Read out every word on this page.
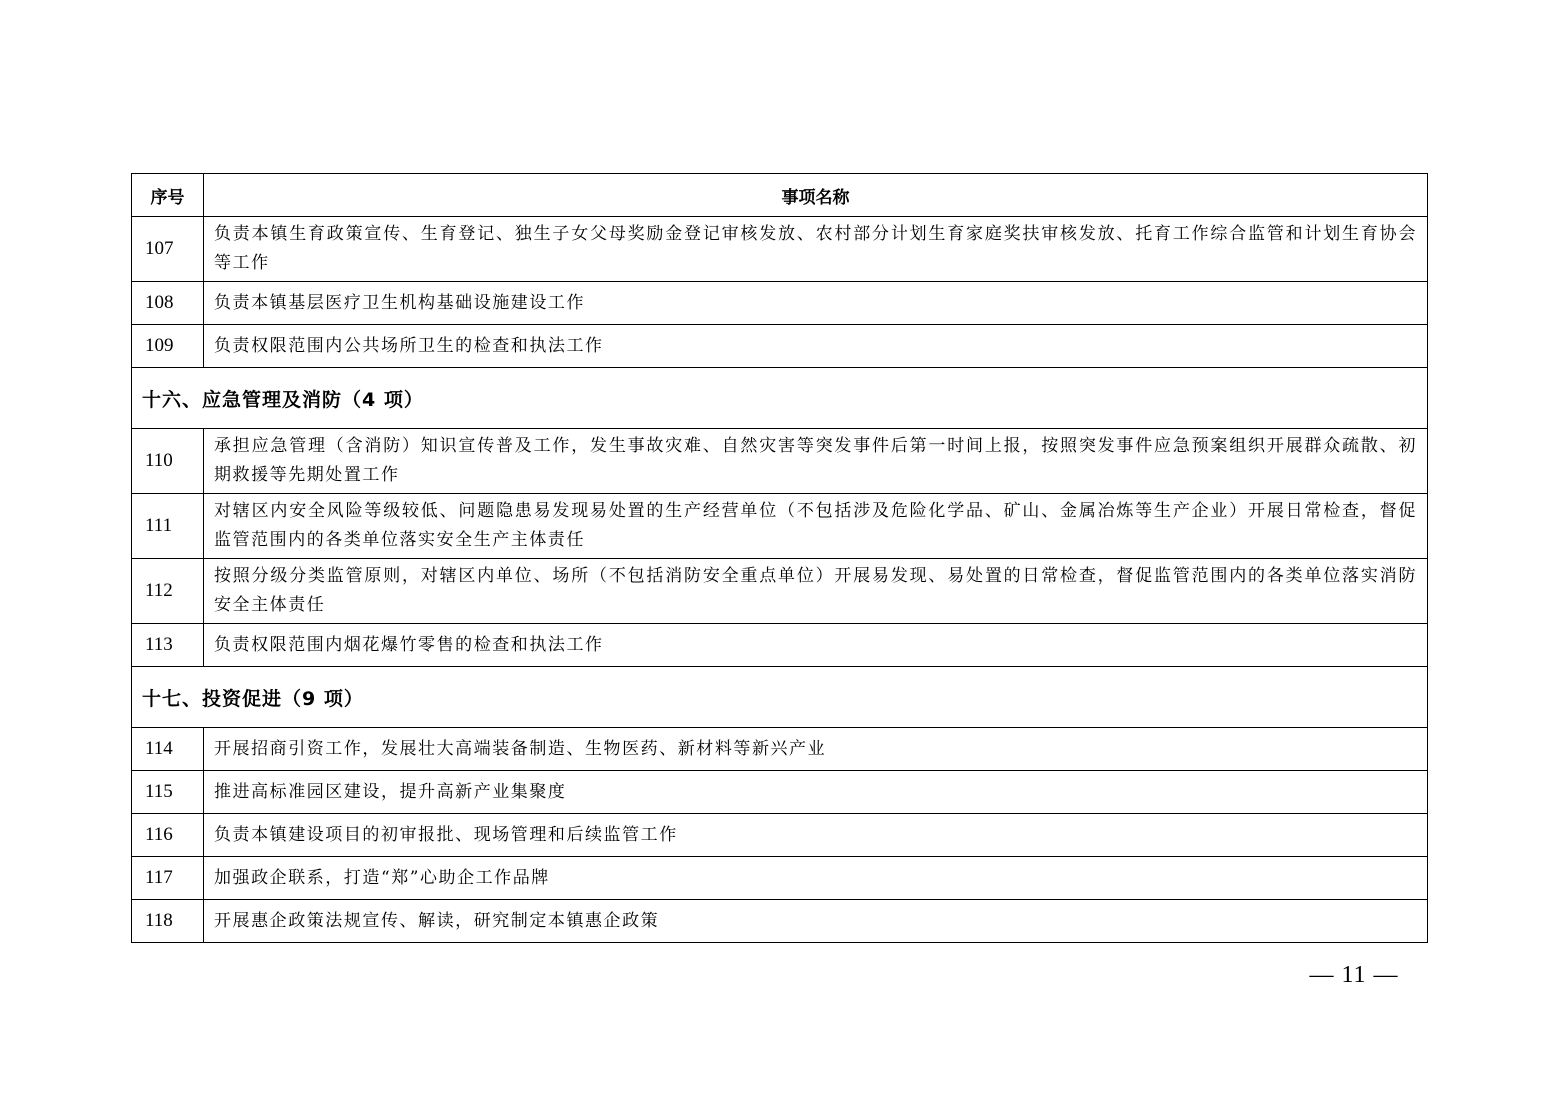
序号	事项名称
107	负责本镇生育政策宣传、生育登记、独生子女父母奖励金登记审核发放、农村部分计划生育家庭奖扶审核发放、托育工作综合监管和计划生育协会等工作
108	负责本镇基层医疗卫生机构基础设施建设工作
109	负责权限范围内公共场所卫生的检查和执法工作
十六、应急管理及消防（4 项）	
110	承担应急管理（含消防）知识宣传普及工作，发生事故灾难、自然灾害等突发事件后第一时间上报，按照突发事件应急预案组织开展群众疏散、初期救援等先期处置工作
111	对辖区内安全风险等级较低、问题隐患易发现易处置的生产经营单位（不包括涉及危险化学品、矿山、金属冶炼等生产企业）开展日常检查，督促监管范围内的各类单位落实安全生产主体责任
112	按照分级分类监管原则，对辖区内单位、场所（不包括消防安全重点单位）开展易发现、易处置的日常检查，督促监管范围内的各类单位落实消防安全主体责任
113	负责权限范围内烟花爆竹零售的检查和执法工作
十七、投资促进（9 项）	
114	开展招商引资工作，发展壮大高端装备制造、生物医药、新材料等新兴产业
115	推进高标准园区建设，提升高新产业集聚度
116	负责本镇建设项目的初审报批、现场管理和后续监管工作
117	加强政企联系，打造“郑”心助企工作品牌
118	开展惠企政策法规宣传、解读，研究制定本镇惠企政策
— 11 —
